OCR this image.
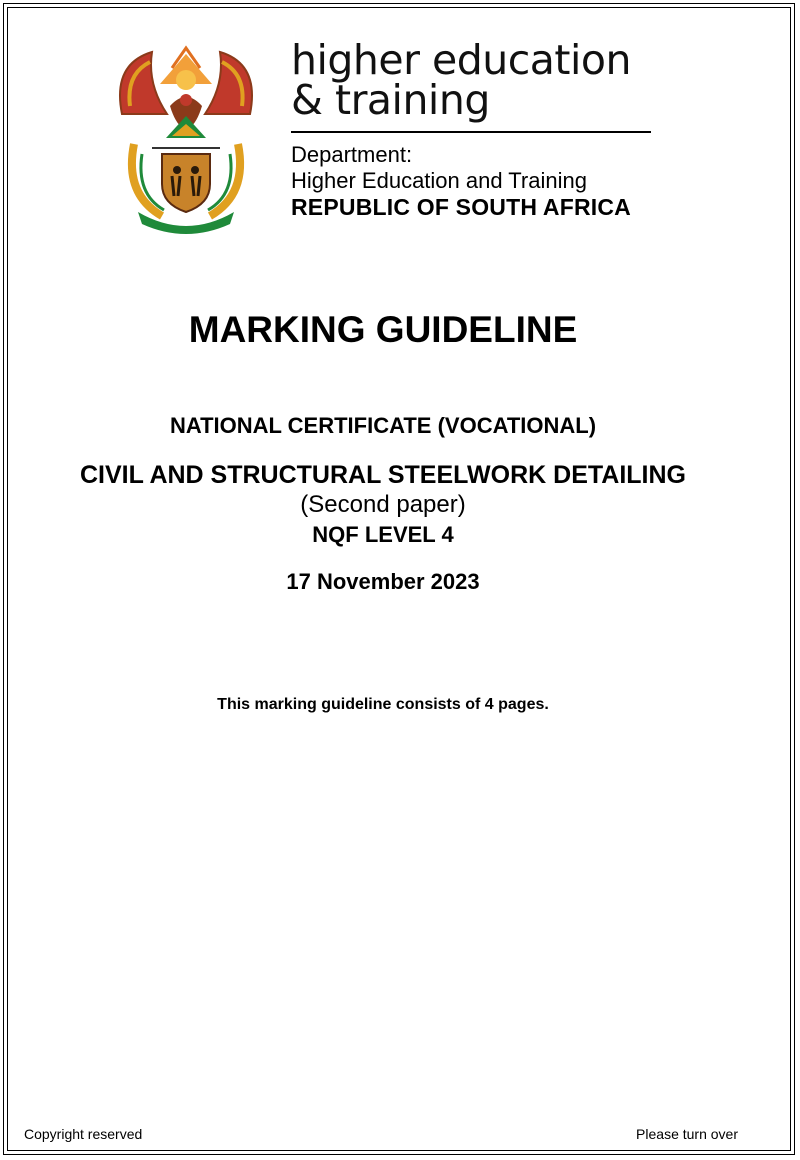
higher education
& training
Department:
Higher Education and Training
REPUBLIC OF SOUTH AFRICA
MARKING GUIDELINE
NATIONAL CERTIFICATE (VOCATIONAL)
CIVIL AND STRUCTURAL STEELWORK DETAILING
(Second paper)
NQF LEVEL 4
17 November 2023
This marking guideline consists of 4 pages.
Copyright reserved	Please turn over
